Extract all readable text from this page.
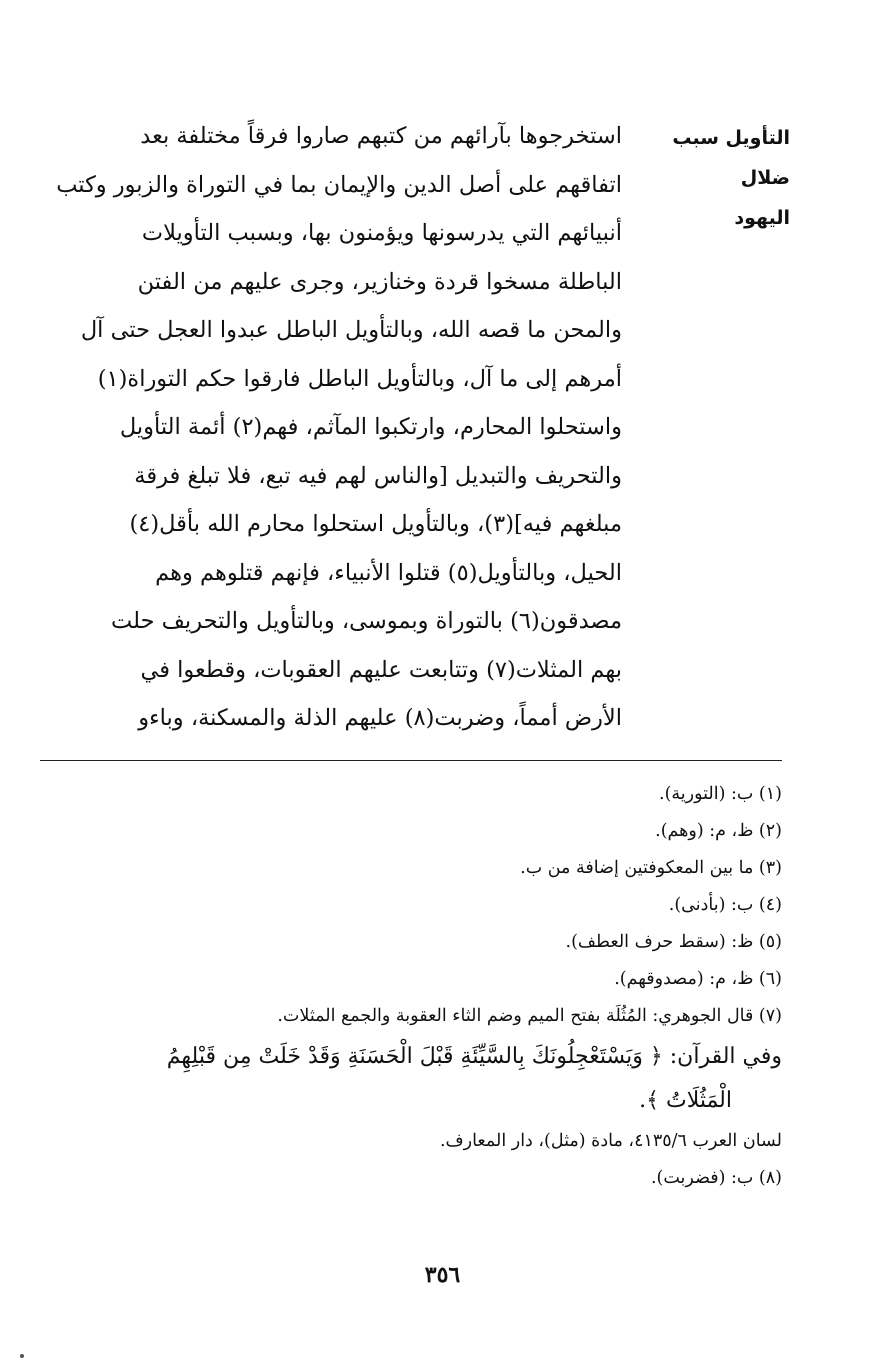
التأويل سبب ضلال
اليهود
استخرجوها بآرائهم من كتبهم صاروا فرقاً مختلفة بعد
اتفاقهم على أصل الدين والإيمان بما في التوراة والزبور وكتب
أنبيائهم التي يدرسونها ويؤمنون بها، وبسبب التأويلات
الباطلة مسخوا قردة وخنازير، وجرى عليهم من الفتن
والمحن ما قصه الله، وبالتأويل الباطل عبدوا العجل حتى آل
أمرهم إلى ما آل، وبالتأويل الباطل فارقوا حكم التوراة(١)
واستحلوا المحارم، وارتكبوا المآثم، فهم(٢) أئمة التأويل
والتحريف والتبديل [والناس لهم فيه تبع، فلا تبلغ فرقة
مبلغهم فيه](٣)، وبالتأويل استحلوا محارم الله بأقل(٤)
الحيل، وبالتأويل(٥) قتلوا الأنبياء، فإنهم قتلوهم وهم
مصدقون(٦) بالتوراة وبموسى، وبالتأويل والتحريف حلت
بهم المثلات(٧) وتتابعت عليهم العقوبات، وقطعوا في
الأرض أمماً، وضربت(٨) عليهم الذلة والمسكنة، وباءو
(١) ب: (التورية).
(٢) ظ، م: (وهم).
(٣) ما بين المعكوفتين إضافة من ب.
(٤) ب: (بأدنى).
(٥) ظ: (سقط حرف العطف).
(٦) ظ، م: (مصدوقهم).
(٧) قال الجوهري: المُثُلَة بفتح الميم وضم الثاء العقوبة والجمع المثلات.
وفي القرآن: ﴿ وَيَسْتَعْجِلُونَكَ بِالسَّيِّئَةِ قَبْلَ الْحَسَنَةِ وَقَدْ خَلَتْ مِن قَبْلِهِمُ
الْمَثُلَاتُ ﴾.
لسان العرب ٤١٣٥/٦، مادة (مثل)، دار المعارف.
(٨) ب: (فضربت).
٣٥٦
